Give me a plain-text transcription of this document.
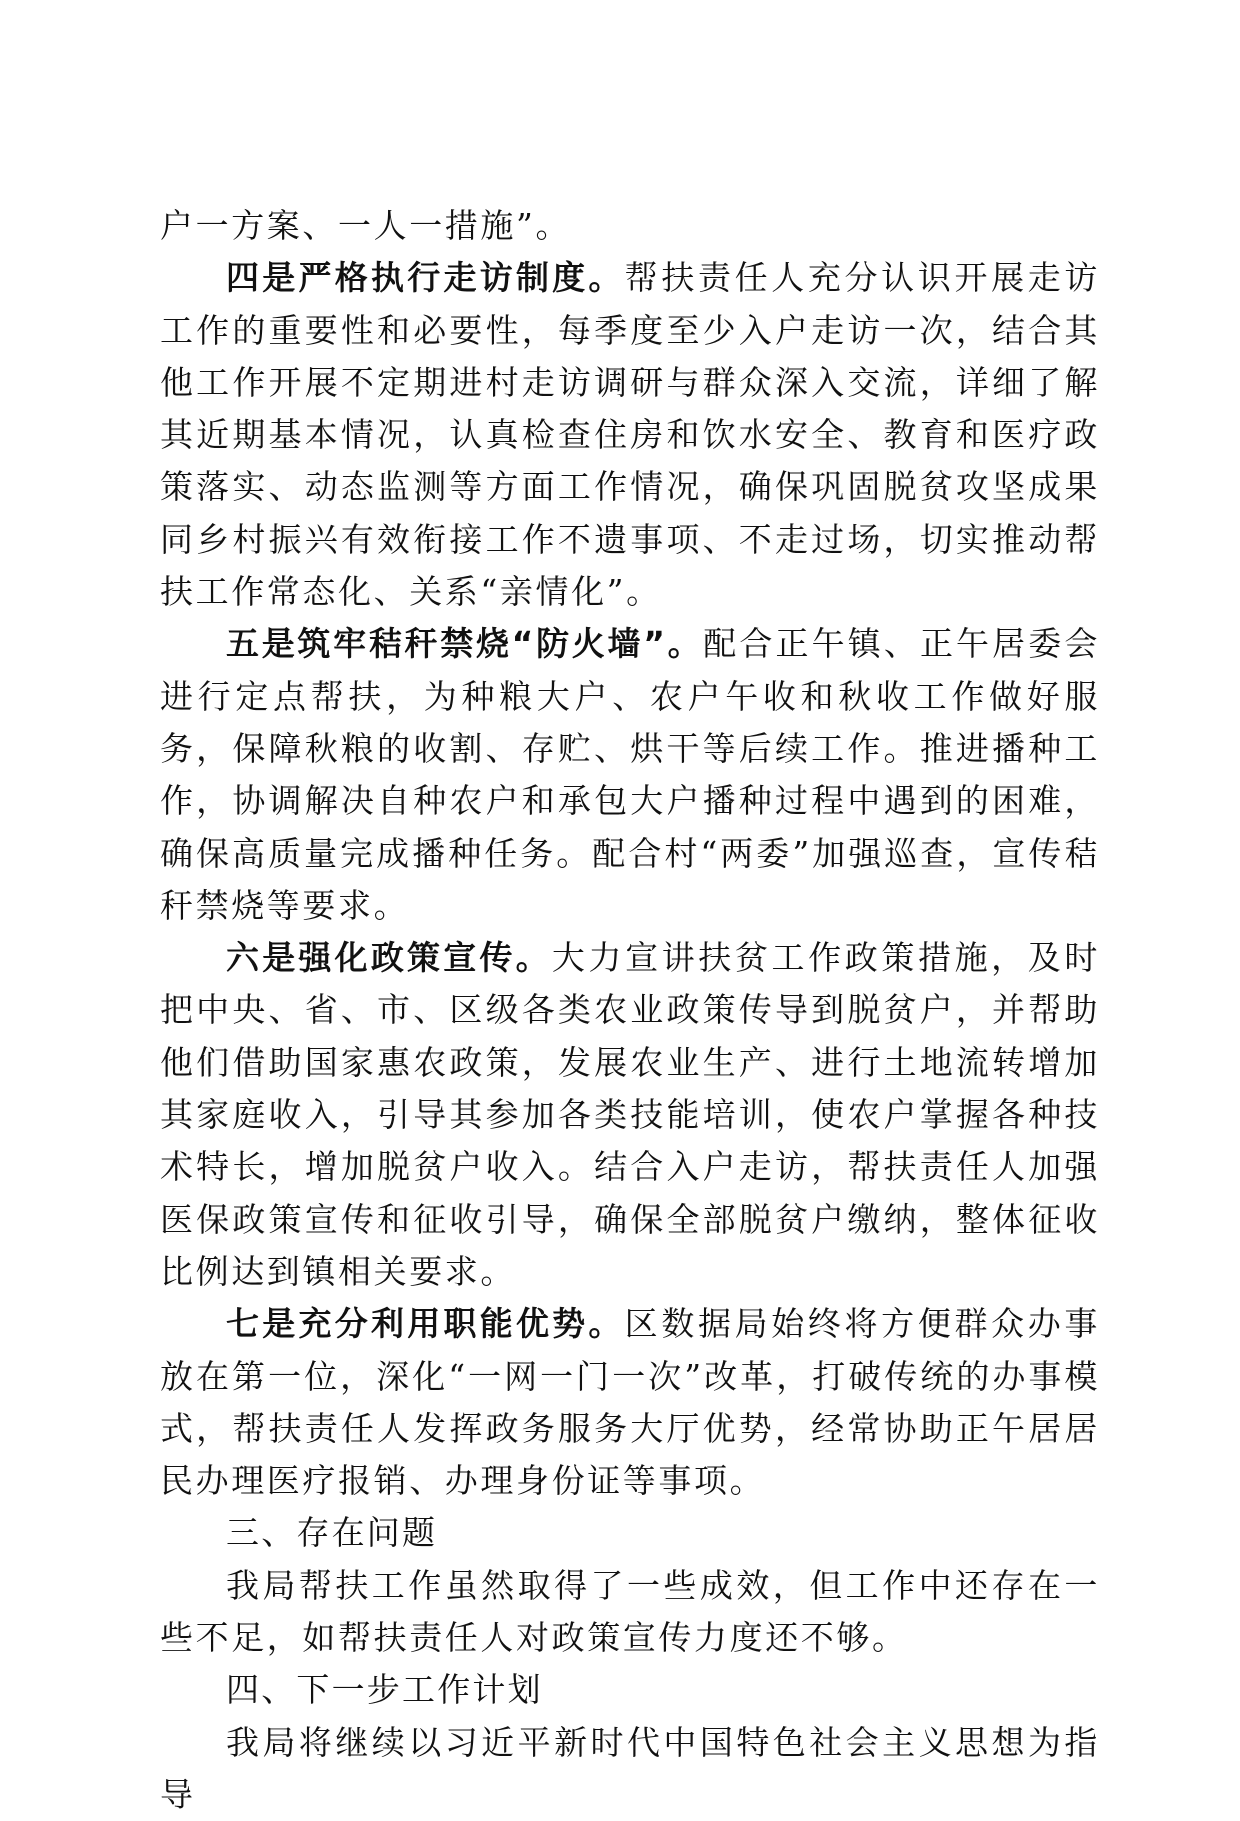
户一方案、一人一措施”。

四是严格执行走访制度。帮扶责任人充分认识开展走访工作的重要性和必要性，每季度至少入户走访一次，结合其他工作开展不定期进村走访调研与群众深入交流，详细了解其近期基本情况，认真检查住房和饮水安全、教育和医疗政策落实、动态监测等方面工作情况，确保巩固脱贫攻坚成果同乡村振兴有效衔接工作不遗事项、不走过场，切实推动帮扶工作常态化、关系“亲情化”。

五是筑牢秸秆禁烧“防火墙”。配合正午镇、正午居委会进行定点帮扶，为种粮大户、农户午收和秋收工作做好服务，保障秋粮的收割、存贮、烘干等后续工作。推进播种工作，协调解决自种农户和承包大户播种过程中遇到的困难，确保高质量完成播种任务。配合村“两委”加强巡查，宣传秸秆禁烧等要求。

六是强化政策宣传。大力宣讲扶贫工作政策措施，及时把中央、省、市、区级各类农业政策传导到脱贫户，并帮助他们借助国家惠农政策，发展农业生产、进行土地流转增加其家庭收入，引导其参加各类技能培训，使农户掌握各种技术特长，增加脱贫户收入。结合入户走访，帮扶责任人加强医保政策宣传和征收引导，确保全部脱贫户缴纳，整体征收比例达到镇相关要求。

七是充分利用职能优势。区数据局始终将方便群众办事放在第一位，深化“一网一门一次”改革，打破传统的办事模式，帮扶责任人发挥政务服务大厅优势，经常协助正午居居民办理医疗报销、办理身份证等事项。

三、存在问题

我局帮扶工作虽然取得了一些成效，但工作中还存在一些不足，如帮扶责任人对政策宣传力度还不够。

四、下一步工作计划

我局将继续以习近平新时代中国特色社会主义思想为指导
